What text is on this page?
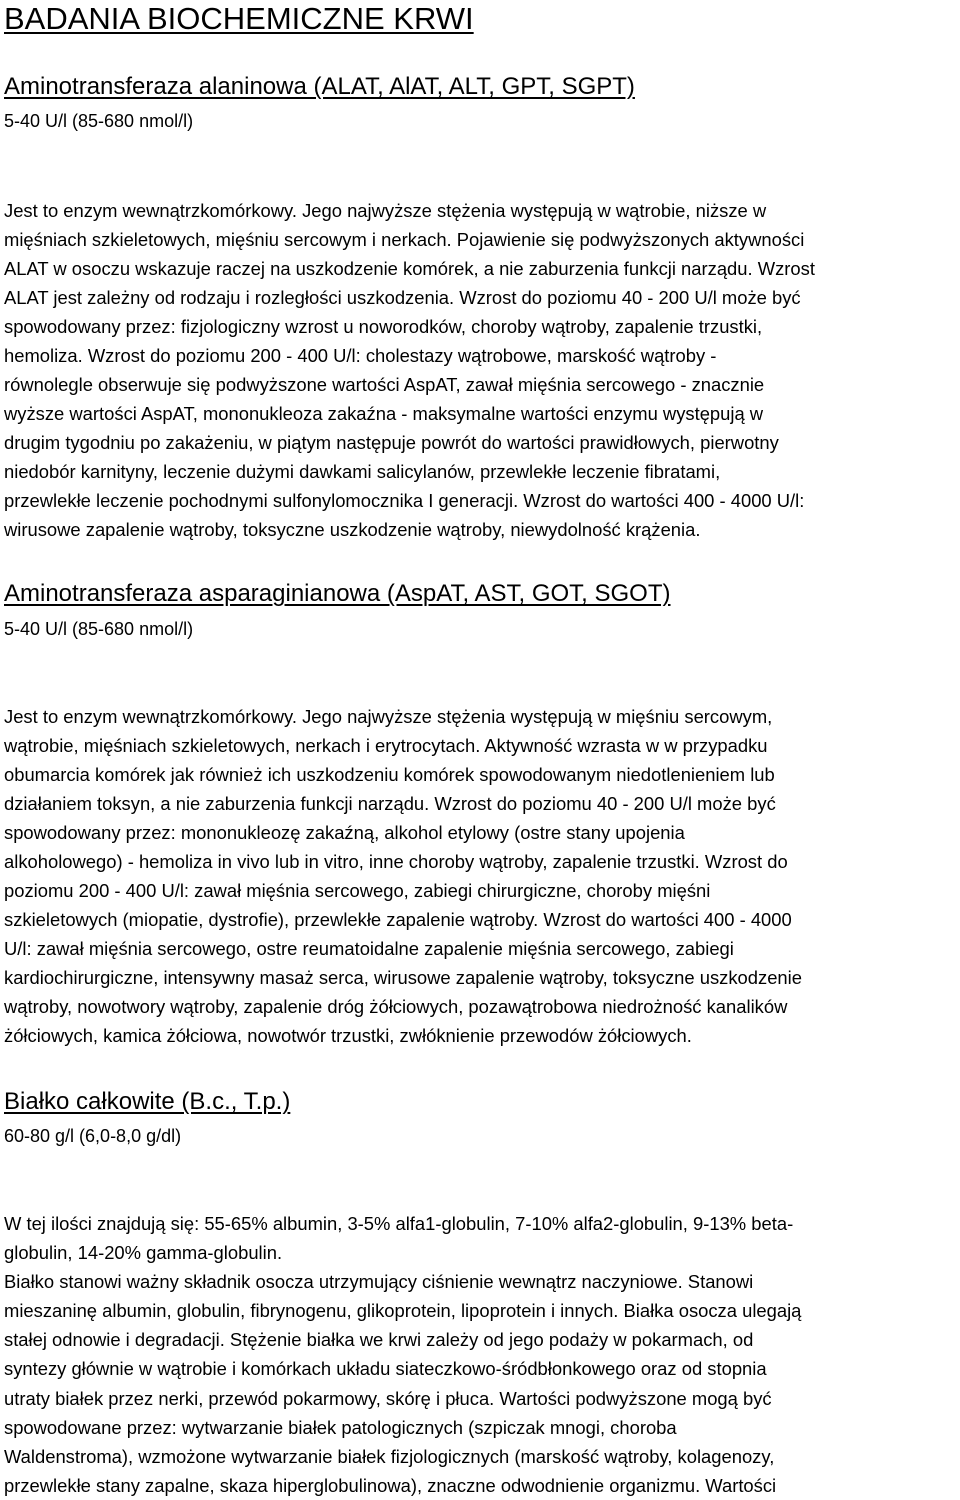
BADANIA BIOCHEMICZNE KRWI
Aminotransferaza alaninowa (ALAT, AlAT, ALT, GPT, SGPT)

5-40 U/l (85-680 nmol/l)

Jest to enzym wewnątrzkomórkowy. Jego najwyższe stężenia występują w wątrobie, niższe w
mięśniach szkieletowych, mięśniu sercowym i nerkach. Pojawienie się podwyższonych aktywności
ALAT w osoczu wskazuje raczej na uszkodzenie komórek, a nie zaburzenia funkcji narządu. Wzrost
ALAT jest zależny od rodzaju i rozległości uszkodzenia. Wzrost do poziomu 40 - 200 U/l może być
spowodowany przez: fizjologiczny wzrost u noworodków, choroby wątroby, zapalenie trzustki,
hemoliza. Wzrost do poziomu 200 - 400 U/l: cholestazy wątrobowe, marskość wątroby -
równolegle obserwuje się podwyższone wartości AspAT, zawał mięśnia sercowego - znacznie
wyższe wartości AspAT, mononukleoza zakaźna - maksymalne wartości enzymu występują w
drugim tygodniu po zakażeniu, w piątym następuje powrót do wartości prawidłowych, pierwotny
niedobór karnityny, leczenie dużymi dawkami salicylanów, przewlekłe leczenie fibratami,
przewlekłe leczenie pochodnymi sulfonylomocznika I generacji. Wzrost do wartości 400 - 4000 U/l:
wirusowe zapalenie wątroby, toksyczne uszkodzenie wątroby, niewydolność krążenia.

Aminotransferaza asparaginianowa (AspAT, AST, GOT, SGOT)

5-40 U/l (85-680 nmol/l)

Jest to enzym wewnątrzkomórkowy. Jego najwyższe stężenia występują w mięśniu sercowym,
wątrobie, mięśniach szkieletowych, nerkach i erytrocytach. Aktywność wzrasta w w przypadku
obumarcia komórek jak również ich uszkodzeniu komórek spowodowanym niedotlenieniem lub
działaniem toksyn, a nie zaburzenia funkcji narządu. Wzrost do poziomu 40 - 200 U/l może być
spowodowany przez: mononukleozę zakaźną, alkohol etylowy (ostre stany upojenia
alkoholowego) - hemoliza in vivo lub in vitro, inne choroby wątroby, zapalenie trzustki. Wzrost do
poziomu 200 - 400 U/l: zawał mięśnia sercowego, zabiegi chirurgiczne, choroby mięśni
szkieletowych (miopatie, dystrofie), przewlekłe zapalenie wątroby. Wzrost do wartości 400 - 4000
U/l: zawał mięśnia sercowego, ostre reumatoidalne zapalenie mięśnia sercowego, zabiegi
kardiochirurgiczne, intensywny masaż serca, wirusowe zapalenie wątroby, toksyczne uszkodzenie
wątroby, nowotwory wątroby, zapalenie dróg żółciowych, pozawątrobowa niedrożność kanalików
żółciowych, kamica żółciowa, nowotwór trzustki, zwłóknienie przewodów żółciowych.

Białko całkowite (B.c., T.p.)

60-80 g/l (6,0-8,0 g/dl)

W tej ilości znajdują się: 55-65% albumin, 3-5% alfa1-globulin, 7-10% alfa2-globulin, 9-13% beta-
globulin, 14-20% gamma-globulin.
Białko stanowi ważny składnik osocza utrzymujący ciśnienie wewnątrz naczyniowe. Stanowi
mieszaninę albumin, globulin, fibrynogenu, glikoprotein, lipoprotein i innych. Białka osocza ulegają
stałej odnowie i degradacji. Stężenie białka we krwi zależy od jego podaży w pokarmach, od
syntezy głównie w wątrobie i komórkach układu siateczkowo-śródbłonkowego oraz od stopnia
utraty białek przez nerki, przewód pokarmowy, skórę i płuca. Wartości podwyższone mogą być
spowodowane przez: wytwarzanie białek patologicznych (szpiczak mnogi, choroba
Waldenstroma), wzmożone wytwarzanie białek fizjologicznych (marskość wątroby, kolagenozy,
przewlekłe stany zapalne, skaza hiperglobulinowa), znaczne odwodnienie organizmu. Wartości
